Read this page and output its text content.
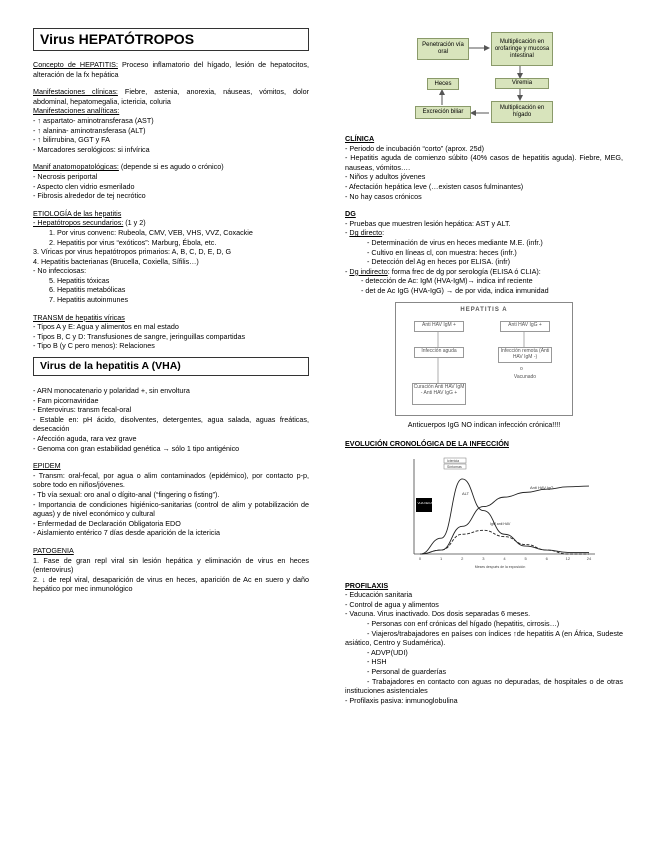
Virus HEPATÓTROPOS

Concepto de HEPATITIS: Proceso inflamatorio del hígado, lesión de hepatocitos, alteración de la fx hepática

Manifestaciones clínicas: Fiebre, astenia, anorexia, náuseas, vómitos, dolor abdominal, hepatomegalia, ictericia, coluria

Manifestaciones analíticas:

- ↑ aspartato- aminotransferasa (AST)

- ↑ alanina- aminotransferasa (ALT)

- ↑ bilirrubina, GGT y FA

- Marcadores serológicos: si infvírica

Manif anatomopatológicas: (depende si es agudo o crónico)

- Necrosis periportal

- Aspecto clen vidrio esmerilado

- Fibrosis alrededor de tej necrótico

ETIOLOGÍA de las hepatitis

- Hepatótropos secundarios: (1 y 2)

1. Por virus convenc: Rubeola, CMV, VEB, VHS, VVZ, Coxackie

2. Hepatitis por virus “exóticos”: Marburg, Ébola, etc.

3. Víricas por virus hepatótropos primarios: A, B, C, D, E, D, G

4. Hepatitis bacterianas (Brucella, Coxiella, Sífilis…)

- No infecciosas:

5. Hepatitis tóxicas

6. Hepatitis metabólicas

7. Hepatitis autoinmunes

TRANSM de hepatitis víricas

- Tipos A y E: Agua y alimentos en mal estado

- Tipos B, C y D: Transfusiones de sangre, jeringuillas compartidas

- Tipo B (y C pero menos): Relaciones

Virus de la hepatitis A (VHA)

- ARN monocatenario y polaridad +, sin envoltura

- Fam picornaviridae

- Enterovirus: transm fecal-oral

- Estable en: pH ácido, disolventes, detergentes, agua salada, aguas freáticas, desecación

- Afección aguda, rara vez grave

- Genoma con gran estabilidad genética → sólo 1 tipo antigénico

EPIDEM

- Transm: oral-fecal, por agua o alim contaminados (epidémico), por contacto p-p, sobre todo en niños/jóvenes.

- Tb vía sexual: oro anal o dígito-anal (“fingering o fisting”).

- Importancia de condiciones higiénico-sanitarias (control de alim y potabilización de aguas) y de nivel económico y cultural

- Enfermedad de Declaración Obligatoria EDO

- Aislamiento entérico 7 días desde aparición de la ictericia

PATOGENIA

1. Fase de gran repl viral sin lesión hepática y eliminación de virus en heces (enterovirus)

2. ↓ de repl viral, desaparición de virus en heces, aparición de Ac en suero y daño hepático por mec inmunológico

Penetración vía oral
Multiplicación en orofaringe y mucosa intestinal
Viremia
Multiplicación en hígado
Excreción biliar
Heces

CLÍNICA

- Periodo de incubación “corto” (aprox. 25d)

- Hepatitis aguda de comienzo súbito (40% casos de hepatitis aguda). Fiebre, MEG, nauseas, vómitos….

- Niños y adultos jóvenes

- Afectación hepática leve (…existen casos fulminantes)

- No hay casos crónicos

DG

- Pruebas que muestren lesión hepática: AST y ALT.

- Dg directo:

- Determinación de virus en heces mediante M.E. (infr.)

- Cultivo en líneas cl, con muestra: heces (infr.)

- Detección del Ag en heces por ELISA. (infr)

- Dg indirecto: forma frec de dg por serología (ELISA ó CLIA):

- detección de Ac: IgM (HVA-IgM)→ indica inf reciente

- det de Ac IgG (HVA-IgG) → de por vida, indica inmunidad

HEPATITIS A
Anti HAV IgM +	Anti HAV IgG +
Infección aguda	Infección remota (Anti HAV IgM -)
o
Vacunado
Curación Anti HAV IgM - Anti HAV IgG +

Anticuerpos IgG NO indican infección crónica!!!!

EVOLUCIÓN CRONOLÓGICA DE LA INFECCIÓN

Ictericia
Síntomas
VHA FECAL
0	1	2	3	4	5	6	12	24
ALT
Anti HAV IgG
IgM anti HAV
Meses después de la exposición

PROFILAXIS

- Educación sanitaria

- Control de agua y alimentos

- Vacuna. Virus inactivado. Dos dosis separadas 6 meses.

- Personas con enf crónicas del hígado (hepatitis, cirrosis…)

- Viajeros/trabajadores en países con índices ↑de hepatitis A (en África, Sudeste asiático, Centro y Sudamérica).

- ADVP(UDI)

- HSH

- Personal de guarderías

- Trabajadores en contacto con aguas no depuradas, de hospitales o de otras instituciones asistenciales

- Profilaxis pasiva: inmunoglobulina
